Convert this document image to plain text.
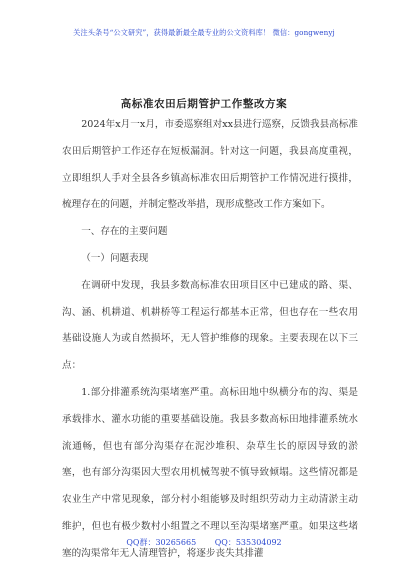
关注头条号“公文研究”，获得最新最全最专业的公文资料库！ 微信：gongwenyj
高标准农田后期管护工作整改方案

2024年x月一x月，市委巡察组对xx县进行巡察，反馈我县高标准农田后期管护工作还存在短板漏洞。针对这一问题，我县高度重视，立即组织人手对全县各乡镇高标准农田后期管护工作情况进行摸排，梳理存在的问题，并制定整改举措，现形成整改工作方案如下。

一、存在的主要问题

（一）问题表现

在调研中发现，我县多数高标准农田项目区中已建成的路、渠、沟、涵、机耕道、机耕桥等工程运行都基本正常，但也存在一些农用基础设施人为或自然损坏，无人管护维修的现象。主要表现在以下三点：

1.部分排灌系统沟渠堵塞严重。高标田地中纵横分布的沟、渠是承载排水、灌水功能的重要基础设施。我县多数高标田地排灌系统水流通畅，但也有部分沟渠存在泥沙堆积、杂草生长的原因导致的淤塞，也有部分沟渠因大型农用机械驾驶不慎导致倾塌。这些情况都是农业生产中常见现象，部分村小组能够及时组织劳动力主动清淤主动维护，但也有极少数村小组置之不理以至沟渠堵塞严重。如果这些堵塞的沟渠常年无人清理管护，将逐步丧失其排灌

QQ群：30265665 QQ：535304092
